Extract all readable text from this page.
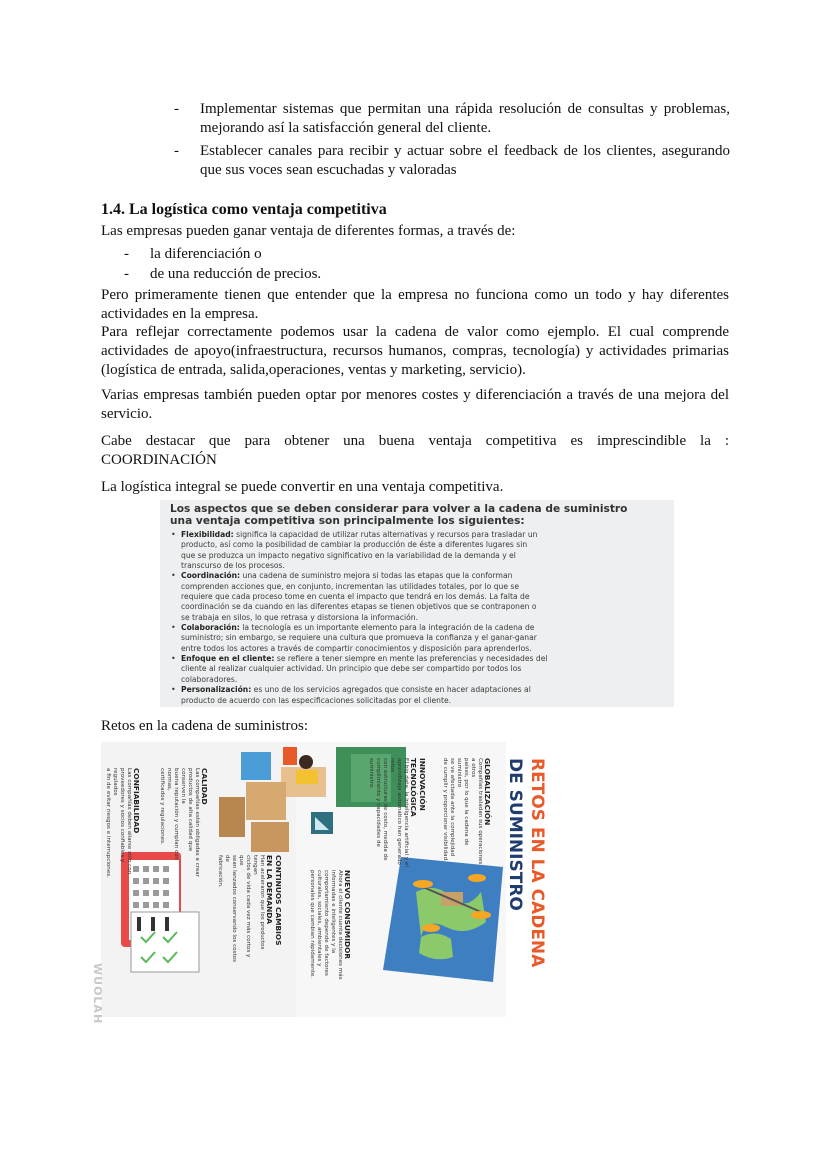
- Implementar sistemas que permitan una rápida resolución de consultas y problemas, mejorando así la satisfacción general del cliente.
- Establecer canales para recibir y actuar sobre el feedback de los clientes, asegurando que sus voces sean escuchadas y valoradas
1.4. La logística como ventaja competitiva
Las empresas pueden ganar ventaja de diferentes formas, a través de:
- la diferenciación o
- de una reducción de precios.
Pero primeramente tienen que entender que la empresa no funciona como un todo y hay diferentes actividades en la empresa.
Para reflejar correctamente podemos usar la cadena de valor como ejemplo. El cual comprende actividades de apoyo(infraestructura, recursos humanos, compras, tecnología) y actividades primarias (logística de entrada, salida,operaciones, ventas y marketing, servicio).
Varias empresas también pueden optar por menores costes y diferenciación a través de una mejora del servicio.
Cabe destacar que para obtener una buena ventaja competitiva es imprescindible la :
COORDINACIÓN
La logística integral se puede convertir en una ventaja competitiva.
Los aspectos que se deben considerar para volver a la cadena de suministro
una ventaja competitiva son principalmente los siguientes:
• Flexibilidad: significa la capacidad de utilizar rutas alternativas y recursos para trasladar un
producto, así como la posibilidad de cambiar la producción de éste a diferentes lugares sin
que se produzca un impacto negativo significativo en la variabilidad de la demanda y el
transcurso de los procesos.
• Coordinación: una cadena de suministro mejora si todas las etapas que la conforman
comprenden acciones que, en conjunto, incrementan las utilidades totales, por lo que se
requiere que cada proceso tome en cuenta el impacto que tendrá en los demás. La falta de
coordinación se da cuando en las diferentes etapas se tienen objetivos que se contraponen o
se trabaja en silos, lo que retrasa y distorsiona la información.
• Colaboración: la tecnología es un importante elemento para la integración de la cadena de
suministro; sin embargo, se requiere una cultura que promueva la confianza y el ganar-ganar
entre todos los actores a través de compartir conocimientos y disposición para aprenderlos.
• Enfoque en el cliente: se refiere a tener siempre en mente las preferencias y necesidades del
cliente al realizar cualquier actividad. Un principio que debe ser compartido por todos los
colaboradores.
• Personalización: es uno de los servicios agregados que consiste en hacer adaptaciones al
producto de acuerdo con las especificaciones solicitadas por el cliente.
Retos en la cadena de suministros:
RETOS EN LA CADENA
DE SUMINISTRO
GLOBALIZACIÓN
Compañías trasladan sus operaciones a otros
países, por lo que la cadena de suministro
se ve afectada ante la complejidad
de cumplir y proporcionar visibilidad.
INNOVACIÓN TECNOLÓGICA
El big data, la inteligencia artificial y el
aprendizaje automático han generado retos
con estructuras de costo, medida de
cumplimiento y capacidades de suministro.
NUEVO CONSUMIDOR
Ahora el cliente cuenta decisiones más
informadas e inteligentes y la
comportamiento depende de factores
culturales, sociales, ambientales y
personales que cambian rápidamente.
CONTINUOS CAMBIOS
EN LA DEMANDA
Han aceleraron que los productos tengan
ciclos de vida cada vez más cortos y que
sean lanzados conservando los costos de
fabricación.
CALIDAD
Las compañías están obligadas a crear
productos de alta calidad que conserven la
buena reputación y cumplan con normas,
certificados y regulaciones.
CONFIABILIDAD
Las compañías deben aliarse sólo con
proveedores y socios confiables y regulados
a fin de evitar riesgos e interrupciones.
WUOLAH
